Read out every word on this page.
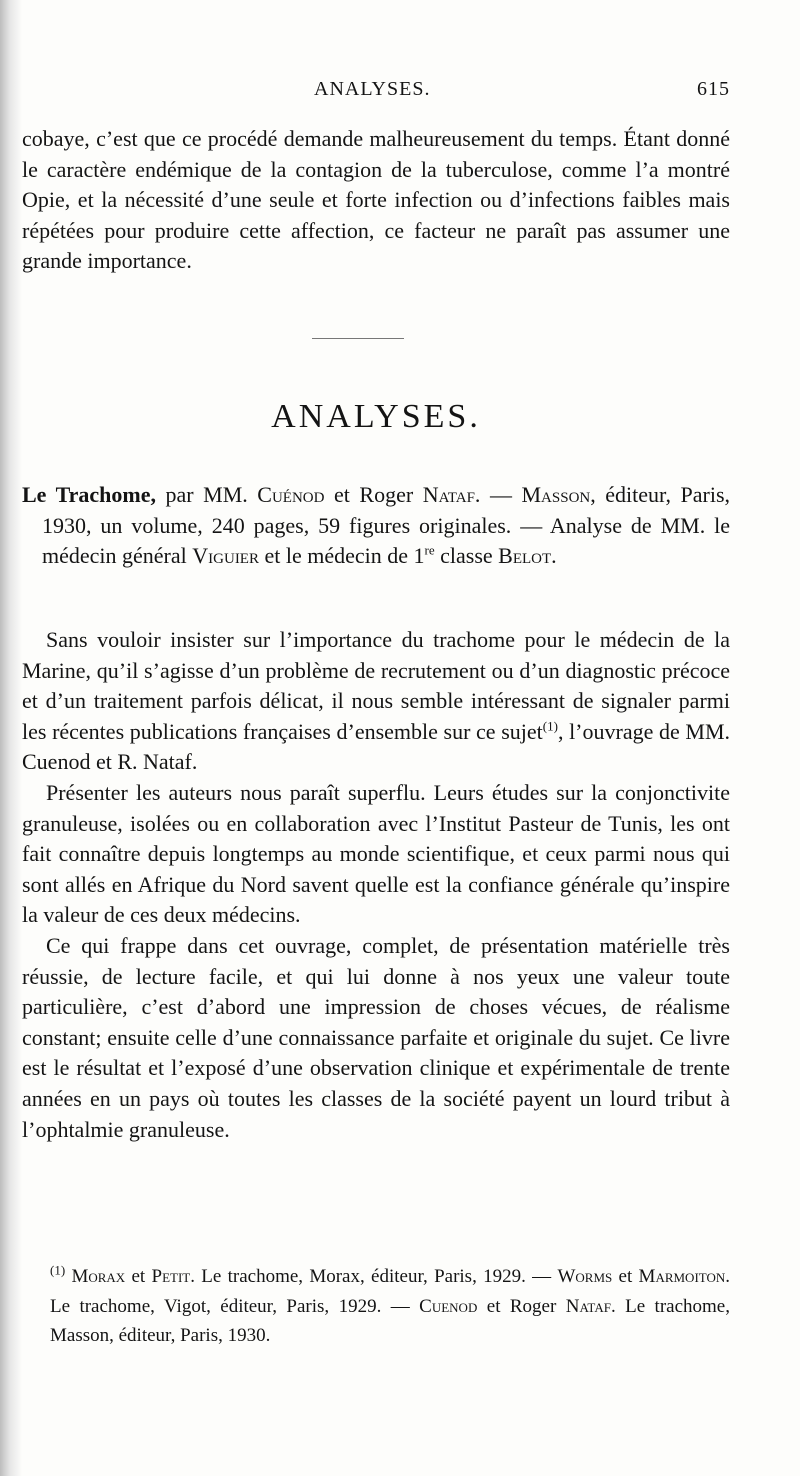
ANALYSES.	615

cobaye, c’est que ce procédé demande malheureusement du temps. Étant donné le caractère endémique de la contagion de la tuberculose, comme l’a montré Opie, et la nécessité d’une seule et forte infection ou d’infections faibles mais répétées pour produire cette affection, ce facteur ne paraît pas assumer une grande importance.

ANALYSES.
Le Trachome, par MM. Cuénod et Roger Nataf. — Masson, éditeur, Paris, 1930, un volume, 240 pages, 59 figures originales. — Analyse de MM. le médecin général Viguier et le médecin de 1re classe Belot.

Sans vouloir insister sur l’importance du trachome pour le médecin de la Marine, qu’il s’agisse d’un problème de recrutement ou d’un diagnostic précoce et d’un traitement parfois délicat, il nous semble intéressant de signaler parmi les récentes publications françaises d’ensemble sur ce sujet$^{(1)}$, l’ouvrage de MM. Cuenod et R. Nataf.

Présenter les auteurs nous paraît superflu. Leurs études sur la conjonctivite granuleuse, isolées ou en collaboration avec l’Institut Pasteur de Tunis, les ont fait connaître depuis longtemps au monde scientifique, et ceux parmi nous qui sont allés en Afrique du Nord savent quelle est la confiance générale qu’inspire la valeur de ces deux médecins.

Ce qui frappe dans cet ouvrage, complet, de présentation matérielle très réussie, de lecture facile, et qui lui donne à nos yeux une valeur toute particulière, c’est d’abord une impression de choses vécues, de réalisme constant; ensuite celle d’une connaissance parfaite et originale du sujet. Ce livre est le résultat et l’exposé d’une observation clinique et expérimentale de trente années en un pays où toutes les classes de la société payent un lourd tribut à l’ophtalmie granuleuse.

$^{(1)}$ Morax et Petit. Le trachome, Morax, éditeur, Paris, 1929. — Worms et Marmoiton. Le trachome, Vigot, éditeur, Paris, 1929. — Cuenod et Roger Nataf. Le trachome, Masson, éditeur, Paris, 1930.
